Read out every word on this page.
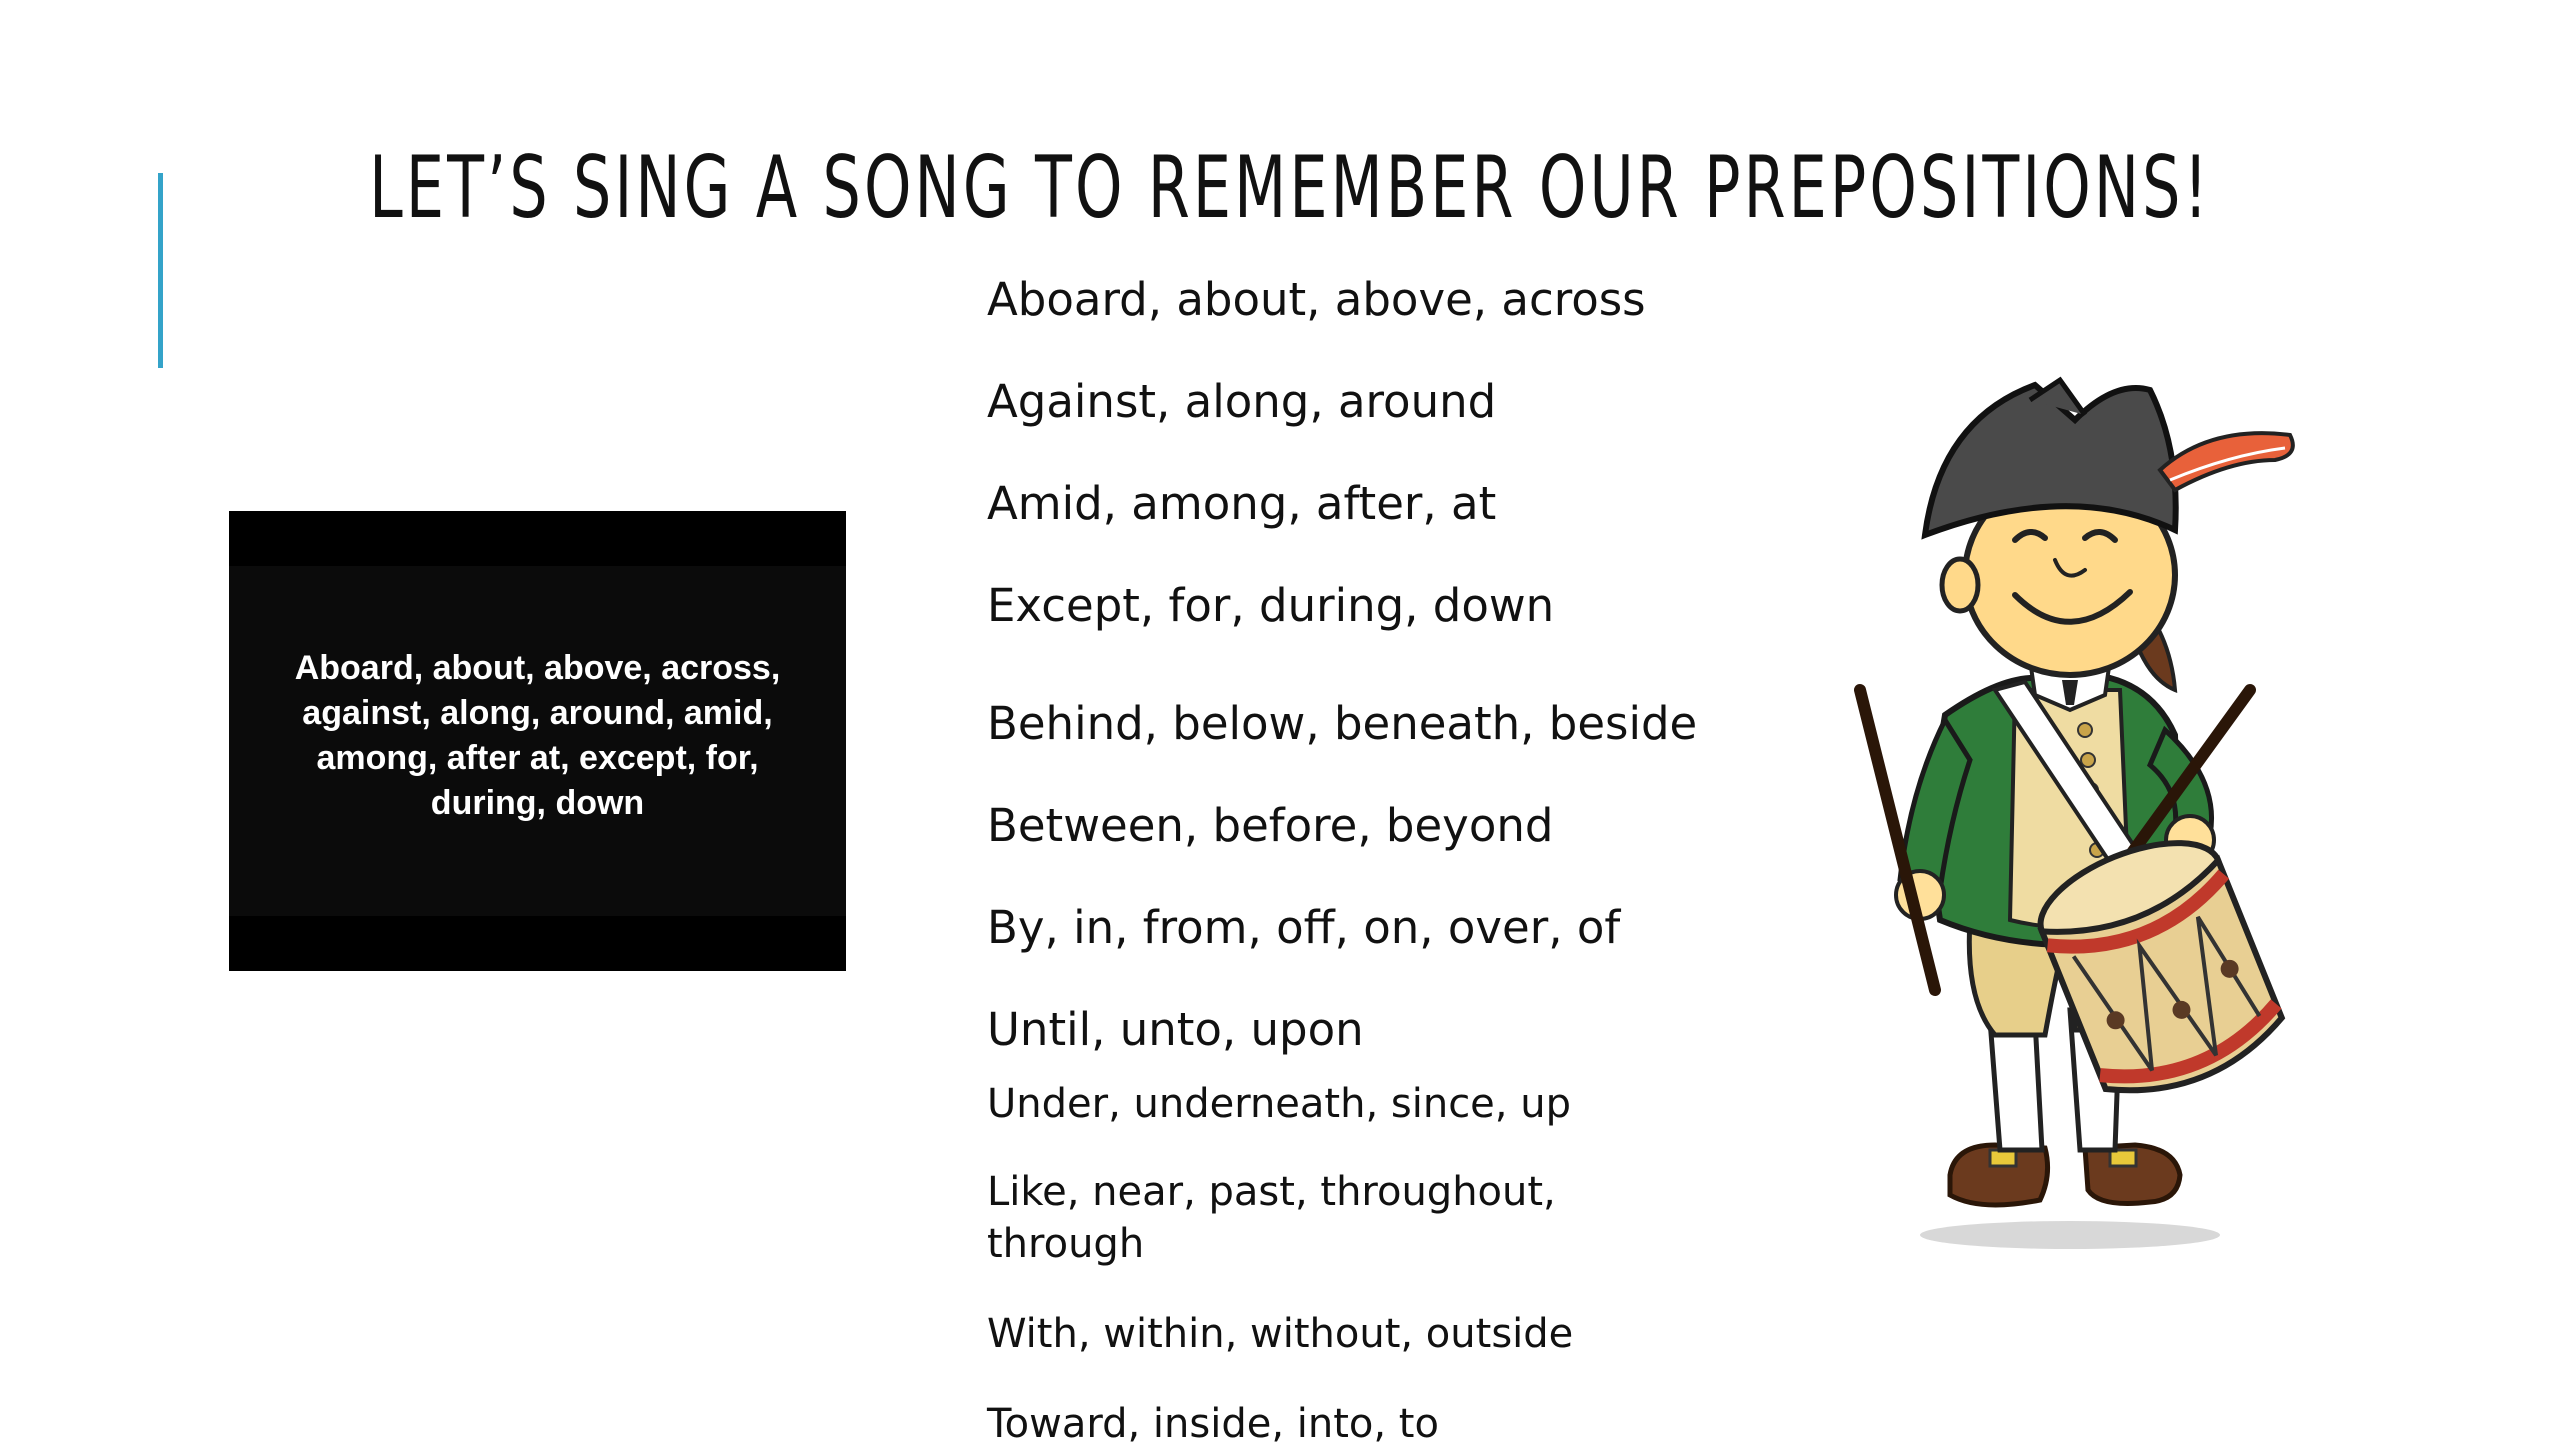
LET’S SING A SONG TO REMEMBER OUR PREPOSITIONS!
Aboard, about, above, across, against, along, around, amid, among, after at, except, for, during, down

Aboard, about, above, across

Against, along, around

Amid, among, after, at

Except, for, during, down

Behind, below, beneath, beside

Between, before, beyond

By, in, from, off, on, over, of

Until, unto, upon

Under, underneath, since, up

Like, near, past, throughout, through

With, within, without, outside

Toward, inside, into, to
